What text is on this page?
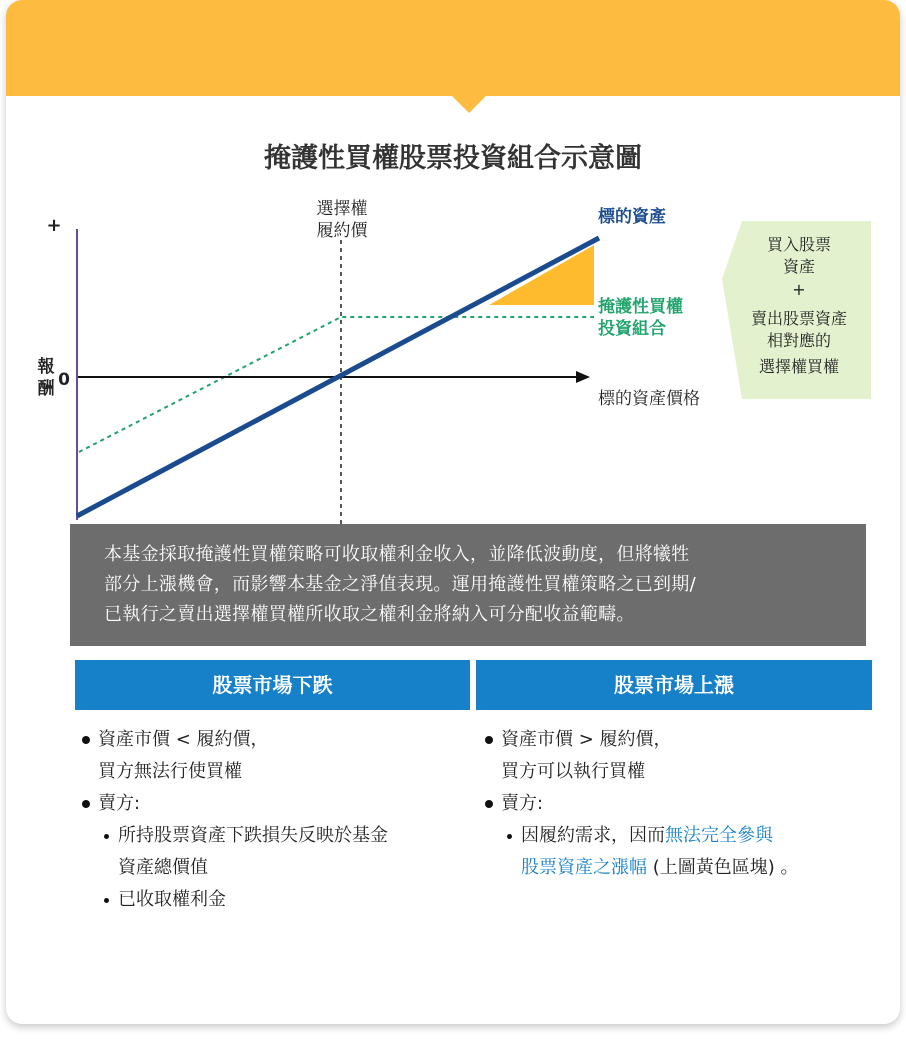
掩護性買權股票投資組合示意圖
+
報
酬 0
選擇權
履約價
標的資產
掩護性買權
投資組合
標的資產價格
買入股票
資產
+
賣出股票資產
相對應的
選擇權買權
本基金採取掩護性買權策略可收取權利金收入，並降低波動度，但將犧牲
部分上漲機會，而影響本基金之淨值表現。運用掩護性買權策略之已到期/
已執行之賣出選擇權買權所收取之權利金將納入可分配收益範疇。
股票市場下跌	股票市場上漲
資產市價 < 履約價，
買方無法行使買權
賣方:
所持股票資產下跌損失反映於基金
資產總價值
已收取權利金
資產市價 > 履約價，
買方可以執行買權
賣方:
因履約需求，因而無法完全參與
股票資產之漲幅 (上圖黃色區塊) 。
